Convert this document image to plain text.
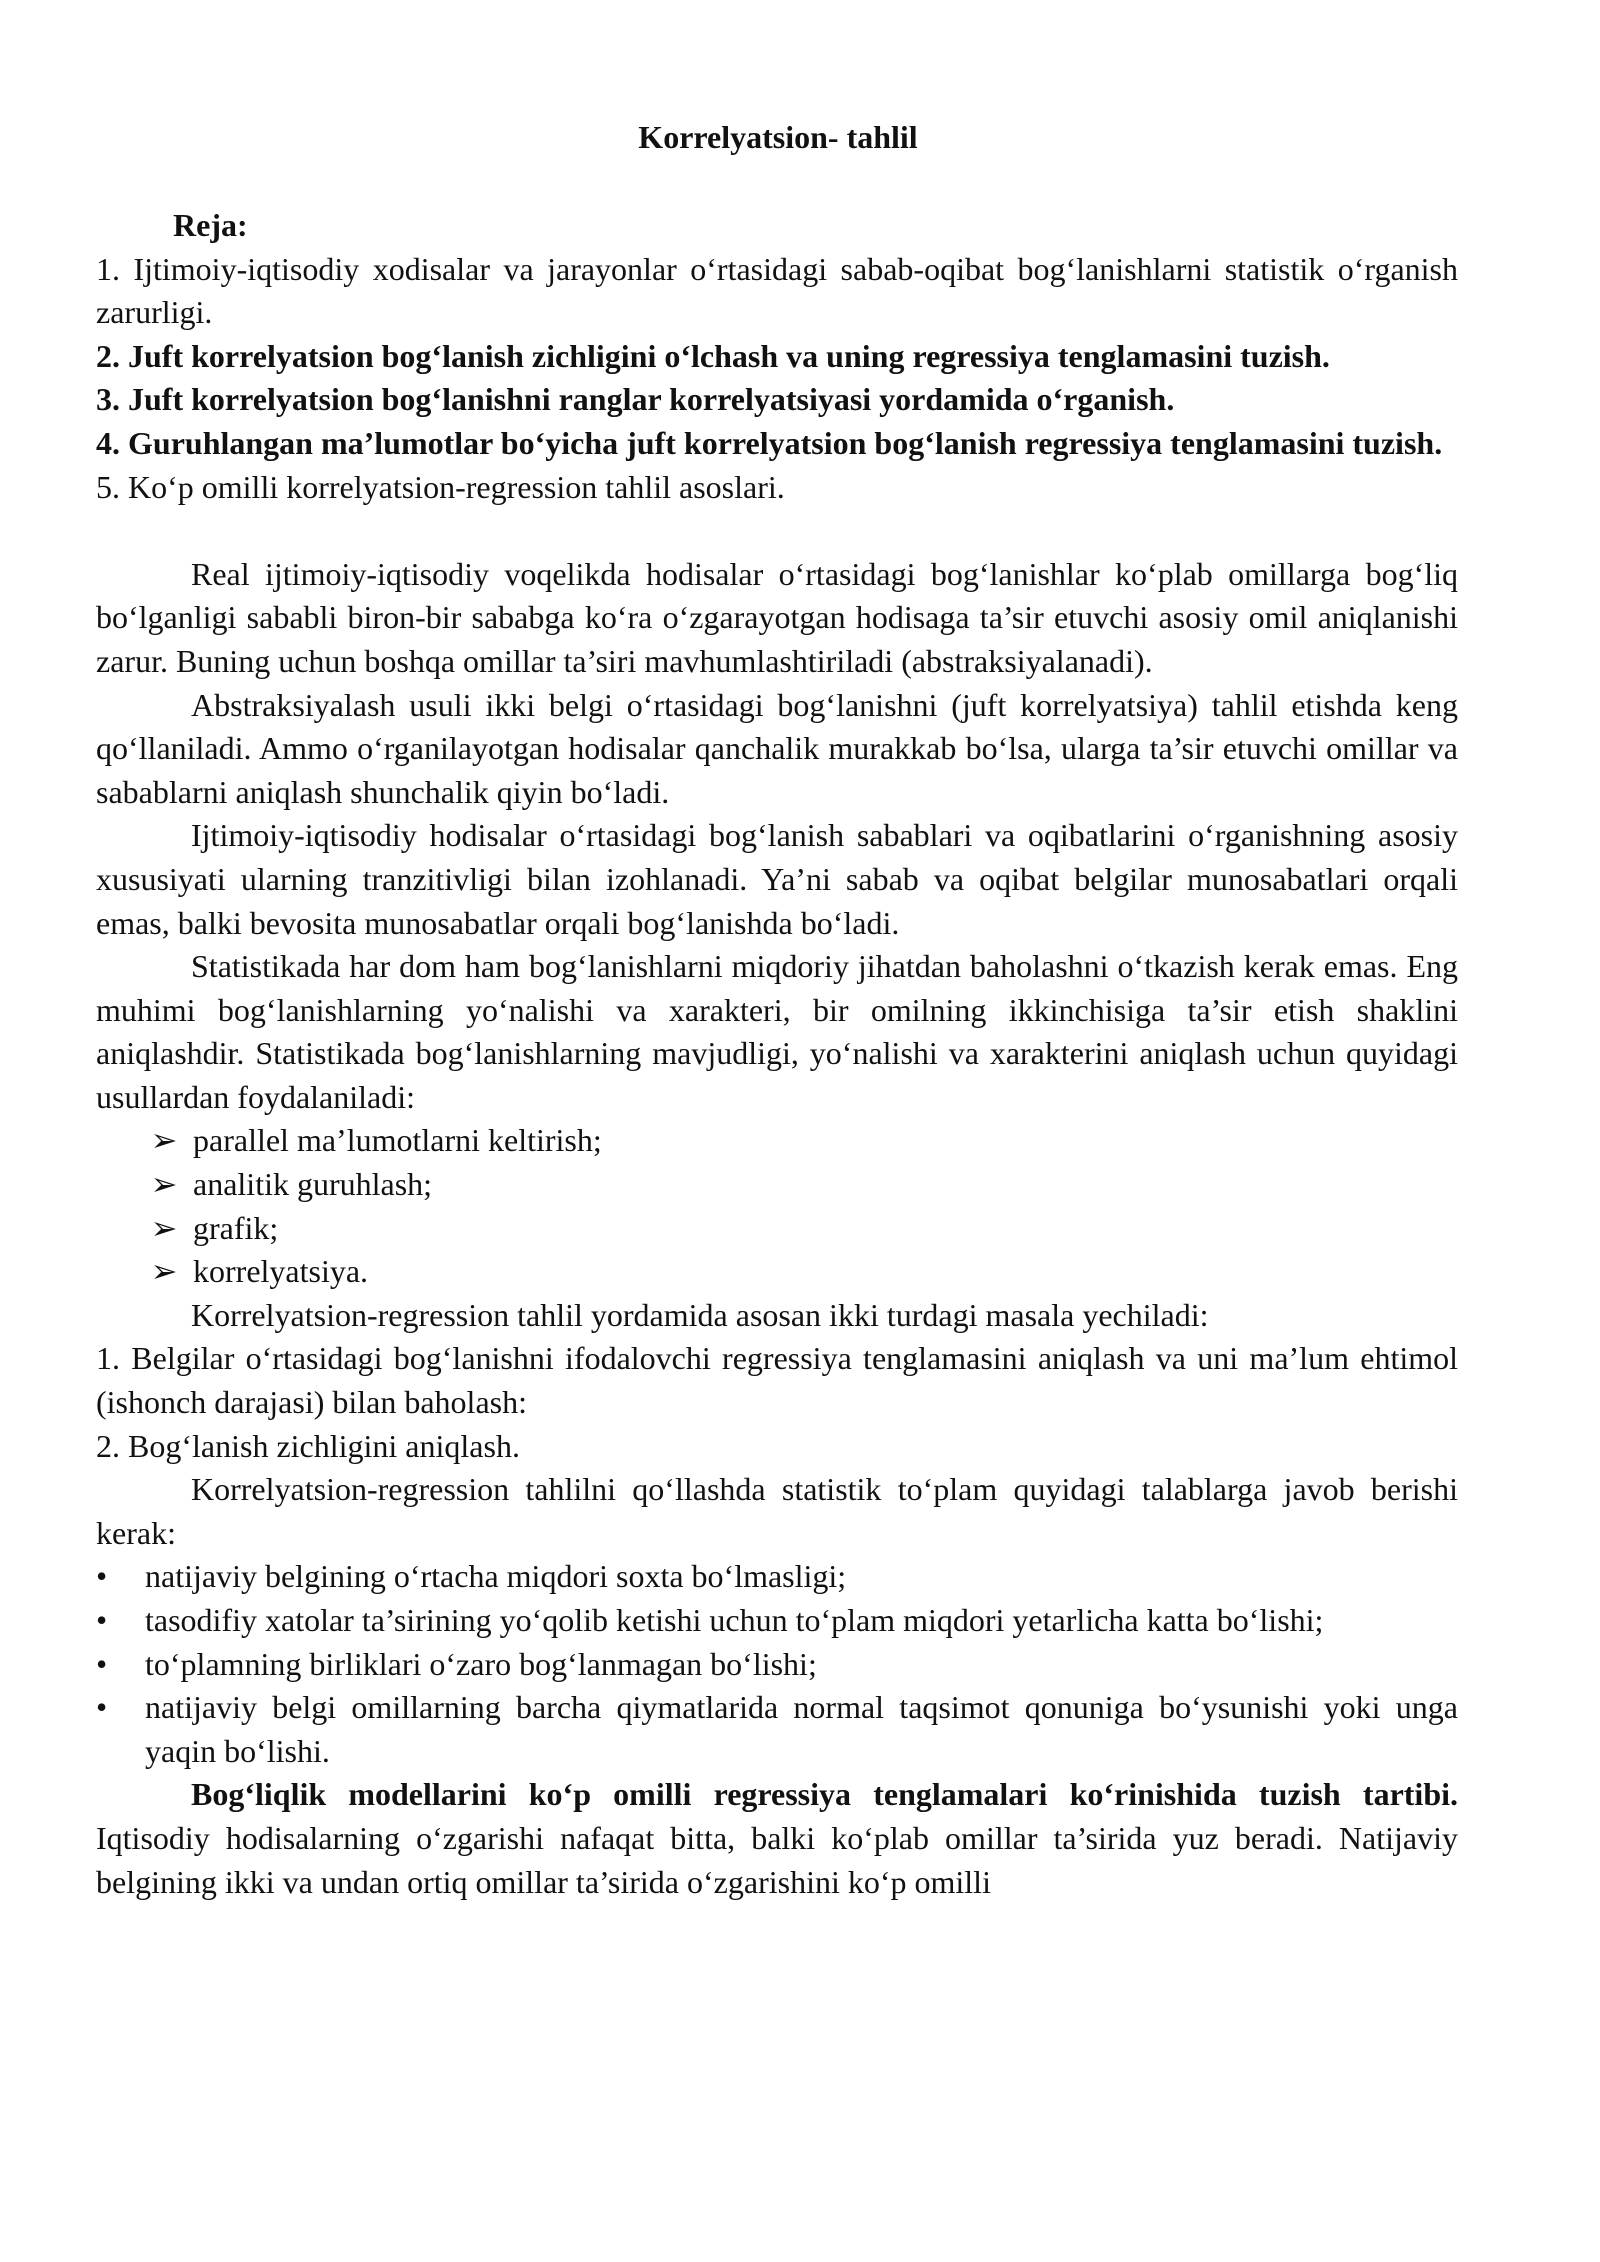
Korrelyatsion- tahlil

Reja:

1. Ijtimoiy-iqtisodiy xodisalar va jarayonlar o‘rtasidagi sabab-oqibat bog‘lanishlarni statistik o‘rganish zarurligi.

2. Juft korrelyatsion bog‘lanish zichligini o‘lchash va uning regressiya tenglamasini tuzish.

3. Juft korrelyatsion bog‘lanishni ranglar korrelyatsiyasi yordamida o‘rganish.

4. Guruhlangan ma’lumotlar bo‘yicha juft korrelyatsion bog‘lanish regressiya tenglamasini tuzish.

5. Ko‘p omilli korrelyatsion-regression tahlil asoslari.

Real ijtimoiy-iqtisodiy voqelikda hodisalar o‘rtasidagi bog‘lanishlar ko‘plab omillarga bog‘liq bo‘lganligi sababli biron-bir sababga ko‘ra o‘zgarayotgan hodisaga ta’sir etuvchi asosiy omil aniqlanishi zarur. Buning uchun boshqa omillar ta’siri mavhumlashtiriladi (abstraksiyalanadi).

Abstraksiyalash usuli ikki belgi o‘rtasidagi bog‘lanishni (juft korrelyatsiya) tahlil etishda keng qo‘llaniladi. Ammo o‘rganilayotgan hodisalar qanchalik murakkab bo‘lsa, ularga ta’sir etuvchi omillar va sabablarni aniqlash shunchalik qiyin bo‘ladi.

Ijtimoiy-iqtisodiy hodisalar o‘rtasidagi bog‘lanish sabablari va oqibatlarini o‘rganishning asosiy xususiyati ularning tranzitivligi bilan izohlanadi. Ya’ni sabab va oqibat belgilar munosabatlari orqali emas, balki bevosita munosabatlar orqali bog‘lanishda bo‘ladi.

Statistikada har dom ham bog‘lanishlarni miqdoriy jihatdan baholashni o‘tkazish kerak emas. Eng muhimi bog‘lanishlarning yo‘nalishi va xarakteri, bir omilning ikkinchisiga ta’sir etish shaklini aniqlashdir. Statistikada bog‘lanishlarning mavjudligi, yo‘nalishi va xarakterini aniqlash uchun quyidagi usullardan foydalaniladi:

➢ parallel ma’lumotlarni keltirish;
➢ analitik guruhlash;
➢ grafik;
➢ korrelyatsiya.

Korrelyatsion-regression tahlil yordamida asosan ikki turdagi masala yechiladi:

1. Belgilar o‘rtasidagi bog‘lanishni ifodalovchi regressiya tenglamasini aniqlash va uni ma’lum ehtimol (ishonch darajasi) bilan baholash:

2. Bog‘lanish zichligini aniqlash.

Korrelyatsion-regression tahlilni qo‘llashda statistik to‘plam quyidagi talablarga javob berishi kerak:

• natijaviy belgining o‘rtacha miqdori soxta bo‘lmasligi;
• tasodifiy xatolar ta’sirining yo‘qolib ketishi uchun to‘plam miqdori yetarlicha katta bo‘lishi;
• to‘plamning birliklari o‘zaro bog‘lanmagan bo‘lishi;
• natijaviy belgi omillarning barcha qiymatlarida normal taqsimot qonuniga bo‘ysunishi yoki unga yaqin bo‘lishi.

Bog‘liqlik modellarini ko‘p omilli regressiya tenglamalari ko‘rinishida tuzish tartibi. Iqtisodiy hodisalarning o‘zgarishi nafaqat bitta, balki ko‘plab omillar ta’sirida yuz beradi. Natijaviy belgining ikki va undan ortiq omillar ta’sirida o‘zgarishini ko‘p omilli
